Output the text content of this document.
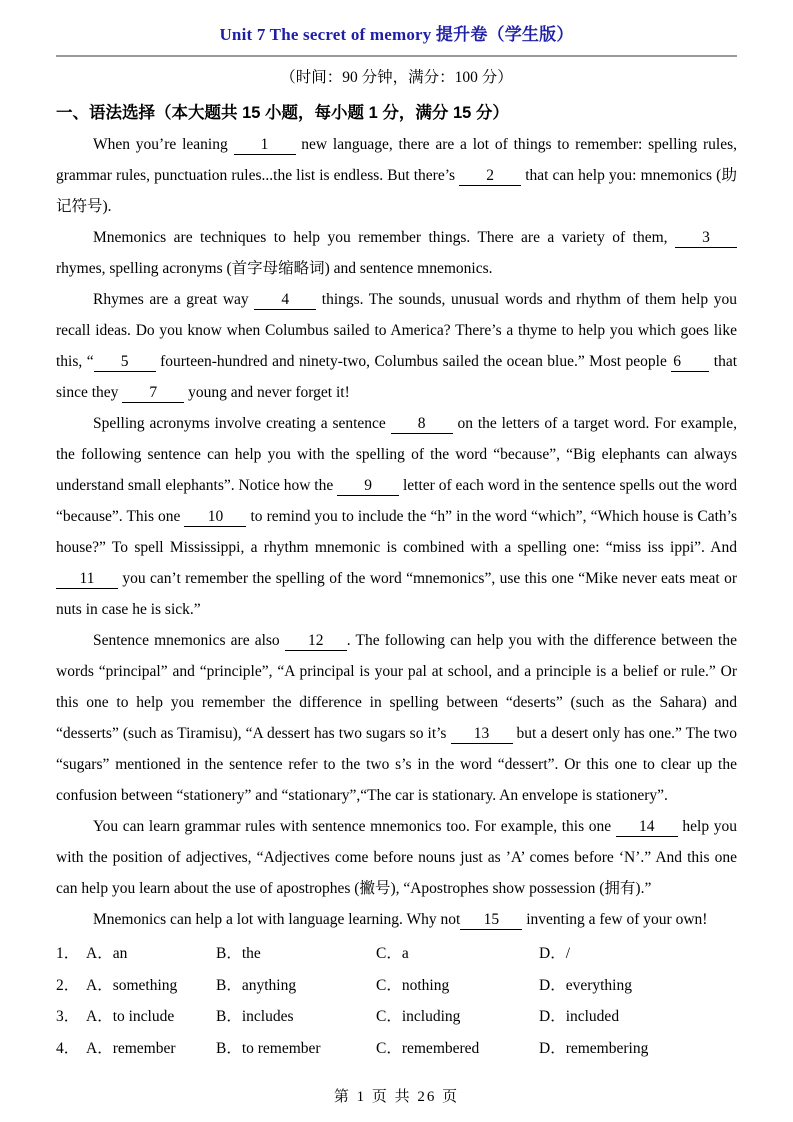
Unit 7 The secret of memory 提升卷（学生版）
（时间：90 分钟，满分：100 分）
一、语法选择（本大题共 15 小题，每小题 1 分，满分 15 分）

When you’re leaning 1 new language, there are a lot of things to remember: spelling rules, grammar rules, punctuation rules...the list is endless. But there’s 2 that can help you: mnemonics (助记符号).

Mnemonics are techniques to help you remember things. There are a variety of them, 3 rhymes, spelling acronyms (首字母缩略词) and sentence mnemonics.

Rhymes are a great way 4 things. The sounds, unusual words and rhythm of them help you recall ideas. Do you know when Columbus sailed to America? There’s a thyme to help you which goes like this, “ 5 fourteen-hundred and ninety-two, Columbus sailed the ocean blue.” Most people 6 that since they 7 young and never forget it!

Spelling acronyms involve creating a sentence 8 on the letters of a target word. For example, the following sentence can help you with the spelling of the word “because”, “Big elephants can always understand small elephants”. Notice how the 9 letter of each word in the sentence spells out the word “because”. This one 10 to remind you to include the “h” in the word “which”, “Which house is Cath’s house?” To spell Mississippi, a rhythm mnemonic is combined with a spelling one: “miss iss ippi”. And 11 you can’t remember the spelling of the word “mnemonics”, use this one “Mike never eats meat or nuts in case he is sick.”

Sentence mnemonics are also 12 . The following can help you with the difference between the words “principal” and “principle”, “A principal is your pal at school, and a principle is a belief or rule.” Or this one to help you remember the difference in spelling between “deserts” (such as the Sahara) and “desserts” (such as Tiramisu), “A dessert has two sugars so it’s 13 but a desert only has one.” The two “sugars” mentioned in the sentence refer to the two s’s in the word “dessert”. Or this one to clear up the confusion between “stationery” and “stationary”,“The car is stationary. An envelope is stationery”.

You can learn grammar rules with sentence mnemonics too. For example, this one 14 help you with the position of adjectives, “Adjectives come before nouns just as ’A’ comes before ‘N’.” And this one can help you learn about the use of apostrophes (撇号), “Apostrophes show possession (拥有).”

Mnemonics can help a lot with language learning. Why not 15 inventing a few of your own!

1． A．an	B．the	C．a	D．/
2． A．something	B．anything	C．nothing	D．everything
3． A．to include	B．includes	C．including	D．included
4． A．remember	B．to remember	C．remembered	D．remembering
第 1 页 共 26 页
